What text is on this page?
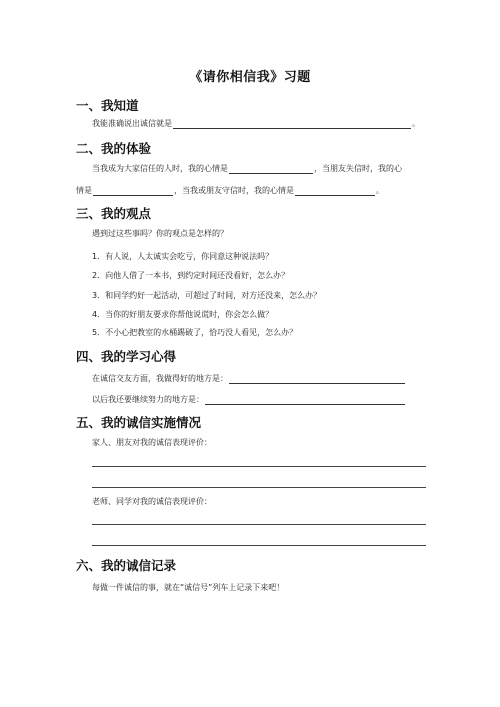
《请你相信我》习题
一、我知道
我能准确说出诚信就是	。
二、我的体验
当我成为大家信任的人时，我的心情是	，当朋友失信时，我的心
情是	，当我或朋友守信时，我的心情是	。
三、我的观点
遇到过这些事吗？你的观点是怎样的？
1．有人说，人太诚实会吃亏，你同意这种说法吗？
2．向他人借了一本书，到约定时间还没看好，怎么办？
3．和同学约好一起活动，可超过了时间，对方还没来，怎么办？
4．当你的好朋友要求你帮他说谎时，你会怎么做？
5．不小心把教室的水桶踢破了，恰巧没人看见，怎么办？
四、我的学习心得
在诚信交友方面，我做得好的地方是：
以后我还要继续努力的地方是：
五、我的诚信实施情况
家人、朋友对我的诚信表现评价：
老师、同学对我的诚信表现评价：
六、我的诚信记录
每做一件诚信的事，就在“诚信号”列车上记录下来吧！
